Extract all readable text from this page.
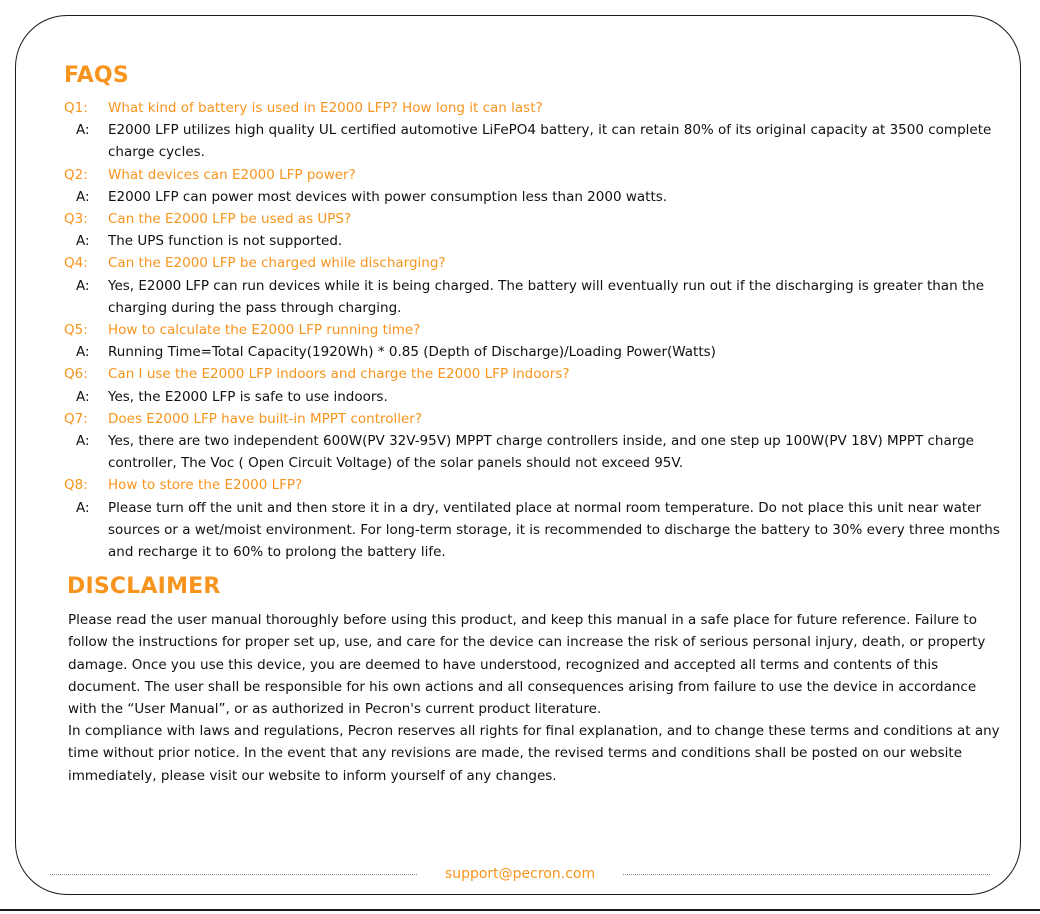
FAQS
Q1:	What kind of battery is used in E2000 LFP? How long it can last?
A:	E2000 LFP utilizes high quality UL certified automotive LiFePO4 battery, it can retain 80% of its original capacity at 3500 complete charge cycles.
Q2:	What devices can E2000 LFP power?
A:	E2000 LFP can power most devices with power consumption less than 2000 watts.
Q3:	Can the E2000 LFP be used as UPS?
A:	The UPS function is not supported.
Q4:	Can the E2000 LFP be charged while discharging?
A:	Yes, E2000 LFP can run devices while it is being charged. The battery will eventually run out if the discharging is greater than the charging during the pass through charging.
Q5:	How to calculate the E2000 LFP running time?
A:	Running Time=Total Capacity(1920Wh) * 0.85 (Depth of Discharge)/Loading Power(Watts)
Q6:	Can I use the E2000 LFP indoors and charge the E2000 LFP indoors?
A:	Yes, the E2000 LFP is safe to use indoors.
Q7:	Does E2000 LFP have built-in MPPT controller?
A:	Yes, there are two independent 600W(PV 32V-95V) MPPT charge controllers inside, and one step up 100W(PV 18V) MPPT charge controller, The Voc ( Open Circuit Voltage) of the solar panels should not exceed 95V.
Q8:	How to store the E2000 LFP?
A:	Please turn off the unit and then store it in a dry, ventilated place at normal room temperature. Do not place this unit near water sources or a wet/moist environment. For long-term storage, it is recommended to discharge the battery to 30% every three months and recharge it to 60% to prolong the battery life.
DISCLAIMER

Please read the user manual thoroughly before using this product, and keep this manual in a safe place for future reference. Failure to follow the instructions for proper set up, use, and care for the device can increase the risk of serious personal injury, death, or property damage. Once you use this device, you are deemed to have understood, recognized and accepted all terms and contents of this document. The user shall be responsible for his own actions and all consequences arising from failure to use the device in accordance with the “User Manual”, or as authorized in Pecron's current product literature.

In compliance with laws and regulations, Pecron reserves all rights for final explanation, and to change these terms and conditions at any time without prior notice. In the event that any revisions are made, the revised terms and conditions shall be posted on our website immediately, please visit our website to inform yourself of any changes.

support@pecron.com
